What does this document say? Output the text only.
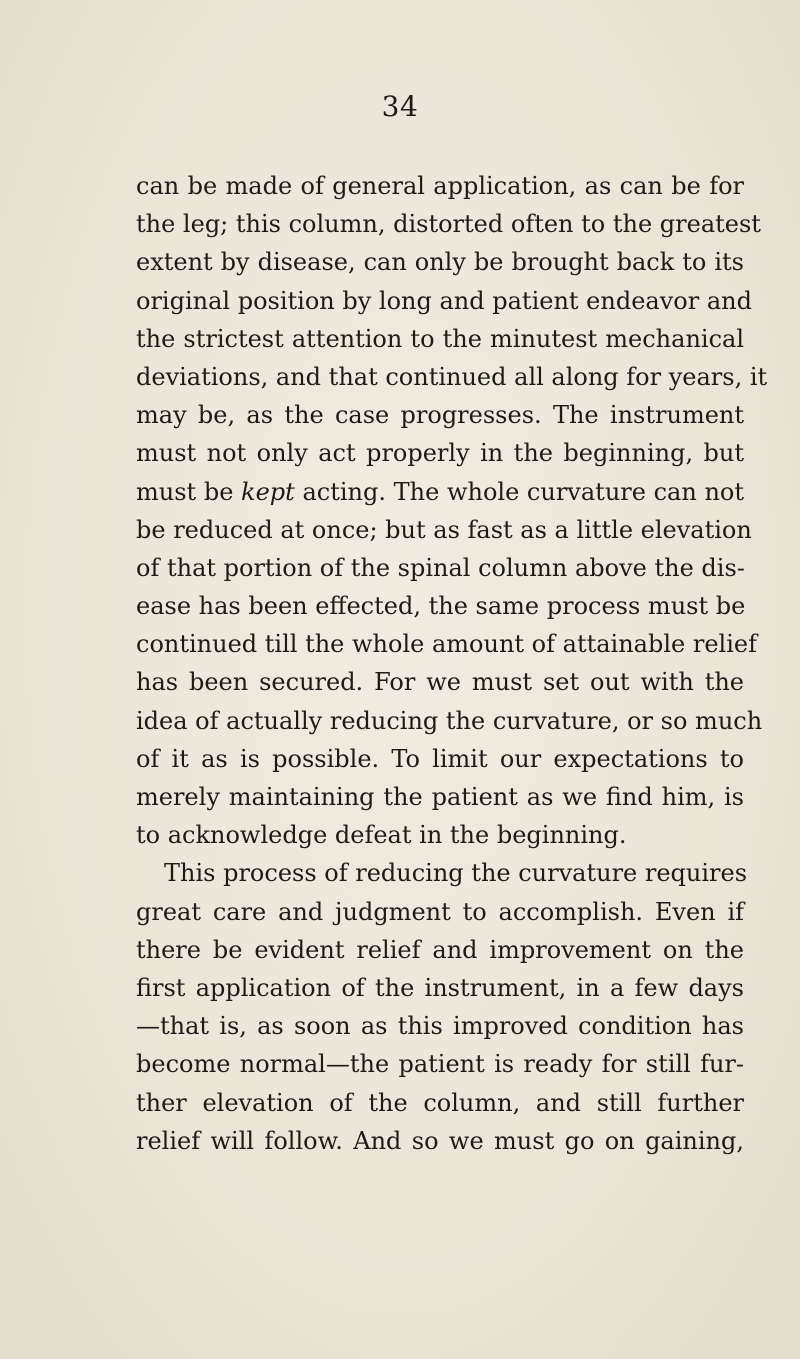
34
can be made of general application, as can be for
the leg; this column, distorted often to the greatest
extent by disease, can only be brought back to its
original position by long and patient endeavor and
the strictest attention to the minutest mechanical
deviations, and that continued all along for years, it
may be, as the case progresses. The instrument
must not only act properly in the beginning, but
must be kept acting. The whole curvature can not
be reduced at once; but as fast as a little elevation
of that portion of the spinal column above the dis-
ease has been effected, the same process must be
continued till the whole amount of attainable relief
has been secured. For we must set out with the
idea of actually reducing the curvature, or so much
of it as is possible. To limit our expectations to
merely maintaining the patient as we find him, is
to acknowledge defeat in the beginning.
This process of reducing the curvature requires
great care and judgment to accomplish. Even if
there be evident relief and improvement on the
first application of the instrument, in a few days
—that is, as soon as this improved condition has
become normal—the patient is ready for still fur-
ther elevation of the column, and still further
relief will follow. And so we must go on gaining,
